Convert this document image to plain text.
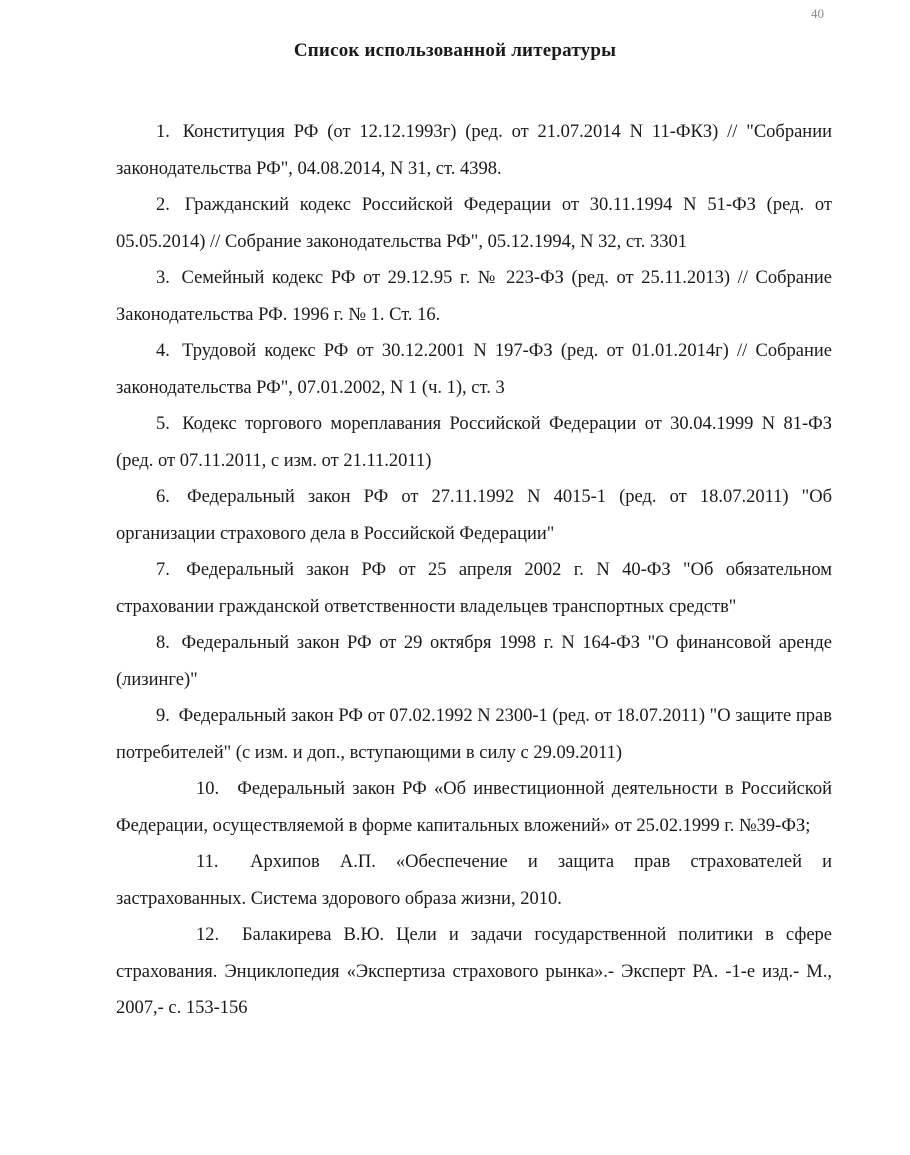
40
Список использованной литературы

1. Конституция РФ (от 12.12.1993г) (ред. от 21.07.2014 N 11-ФКЗ) // "Собрании законодательства РФ", 04.08.2014, N 31, ст. 4398.

2. Гражданский кодекс Российской Федерации от 30.11.1994 N 51-ФЗ (ред. от 05.05.2014) // Собрание законодательства РФ", 05.12.1994, N 32, ст. 3301

3. Семейный кодекс РФ от 29.12.95 г. № 223-ФЗ (ред. от 25.11.2013) // Собрание Законодательства РФ. 1996 г. № 1. Ст. 16.

4. Трудовой кодекс РФ от 30.12.2001 N 197-ФЗ (ред. от 01.01.2014г) // Собрание законодательства РФ", 07.01.2002, N 1 (ч. 1), ст. 3

5. Кодекс торгового мореплавания Российской Федерации от 30.04.1999 N 81-ФЗ (ред. от 07.11.2011, с изм. от 21.11.2011)

6. Федеральный закон РФ от 27.11.1992 N 4015-1 (ред. от 18.07.2011) "Об организации страхового дела в Российской Федерации"

7. Федеральный закон РФ от 25 апреля 2002 г. N 40-ФЗ "Об обязательном страховании гражданской ответственности владельцев транспортных средств"

8. Федеральный закон РФ от 29 октября 1998 г. N 164-ФЗ "О финансовой аренде (лизинге)"

9. Федеральный закон РФ от 07.02.1992 N 2300-1 (ред. от 18.07.2011) "О защите прав потребителей" (с изм. и доп., вступающими в силу с 29.09.2011)

10. Федеральный закон РФ «Об инвестиционной деятельности в Российской Федерации, осуществляемой в форме капитальных вложений» от 25.02.1999 г. №39-ФЗ;

11. Архипов А.П. «Обеспечение и защита прав страхователей и застрахованных. Система здорового образа жизни, 2010.

12. Балакирева В.Ю. Цели и задачи государственной политики в сфере страхования. Энциклопедия «Экспертиза страхового рынка».- Эксперт РА. -1-е изд.- М., 2007,- с. 153-156
